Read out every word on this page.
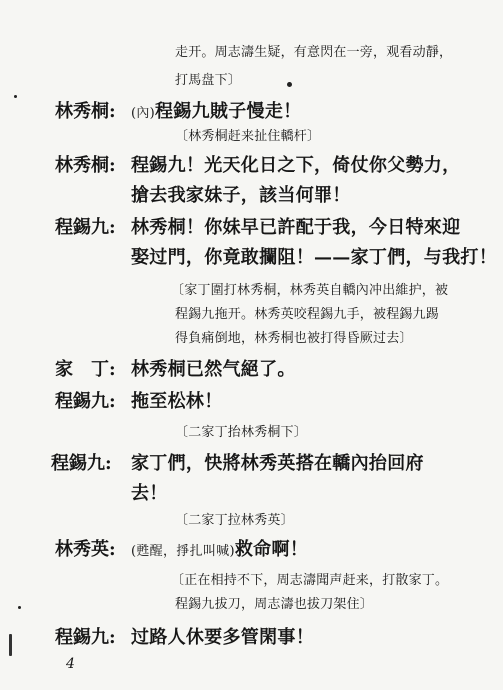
走开。周志濤生疑，有意閃在一旁，观看动靜，
打馬盘下〕
林秀桐: (內)程錫九賊子慢走！
〔林秀桐赶来扯住轎杆〕
林秀桐: 程錫九！光天化日之下，倚仗你父勢力，
搶去我家妹子，該当何罪！
程錫九: 林秀桐！你妹早已許配于我，今日特來迎
娶过門，你竟敢攔阻！——家丁們，与我打！
〔家丁圍打林秀桐，林秀英自轎內冲出維护，被
程錫九拖开。林秀英咬程錫九手，被程錫九踢
得負痛倒地，林秀桐也被打得昏厥过去〕
家　丁: 林秀桐已然气絕了。
程錫九: 拖至松林！
〔二家丁抬林秀桐下〕
程錫九: 家丁們，快將林秀英搭在轎內抬回府
去！
〔二家丁拉林秀英〕
林秀英: (甦醒，掙扎叫喊)救命啊！
〔正在相持不下，周志濤聞声赶来，打散家丁。
程錫九拔刀，周志濤也拔刀架住〕
程錫九: 过路人休要多管閑事！
4
